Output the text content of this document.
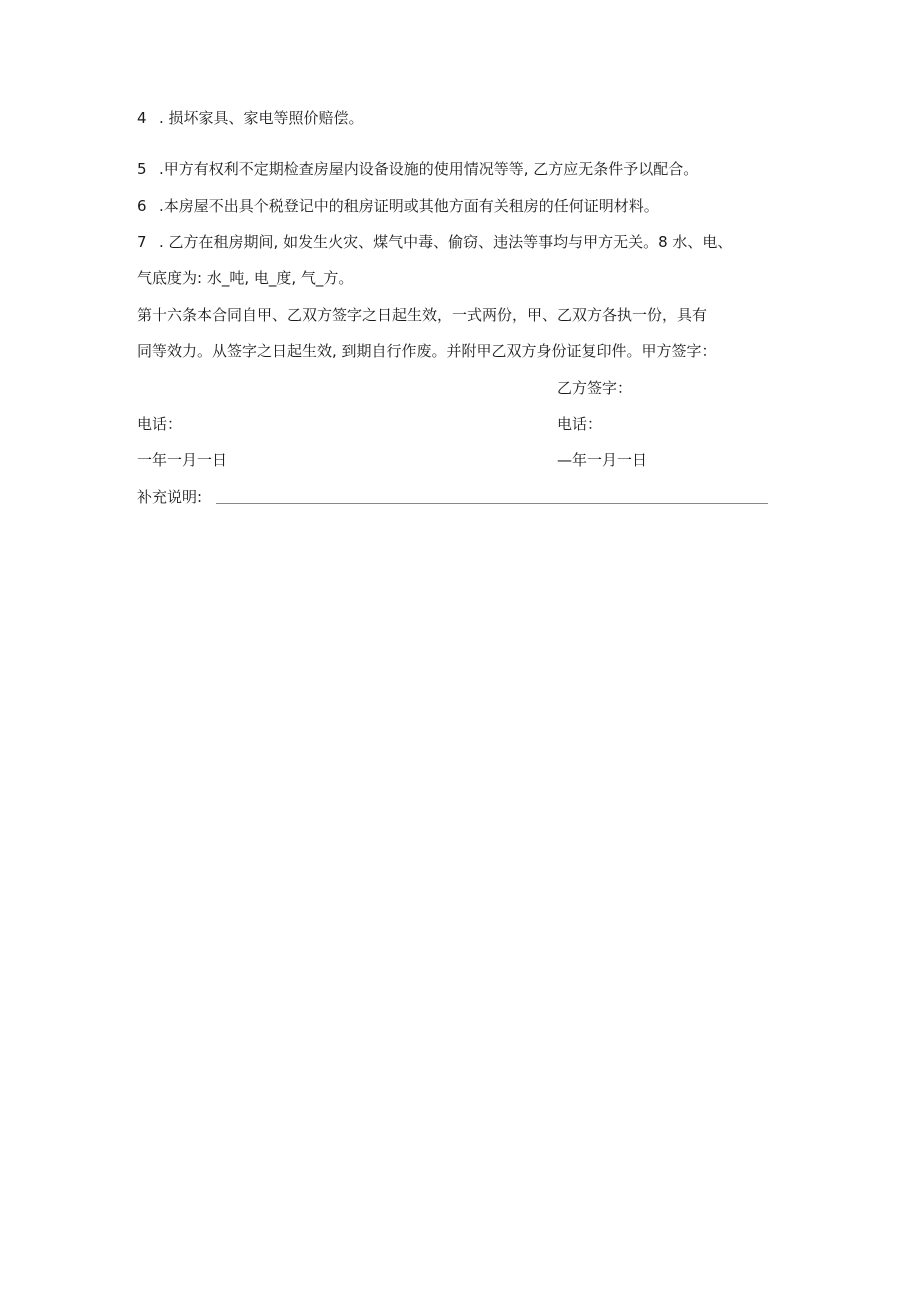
4 . 损坏家具、家电等照价赔偿。
5 .甲方有权利不定期检查房屋内设备设施的使用情况等等, 乙方应无条件予以配合。
6 .本房屋不出具个税登记中的租房证明或其他方面有关租房的任何证明材料。
7 . 乙方在租房期间, 如发生火灾、煤气中毒、偷窃、违法等事均与甲方无关。8 水、电、
气底度为: 水_吨, 电_度, 气_方。
第十六条本合同自甲、乙双方签字之日起生效，一式两份，甲、乙双方各执一份，具有
同等效力。从签字之日起生效, 到期自行作废。并附甲乙双方身份证复印件。甲方签字：
乙方签字：
电话：	电话：
一年一月一日	—年一月一日
补充说明:
